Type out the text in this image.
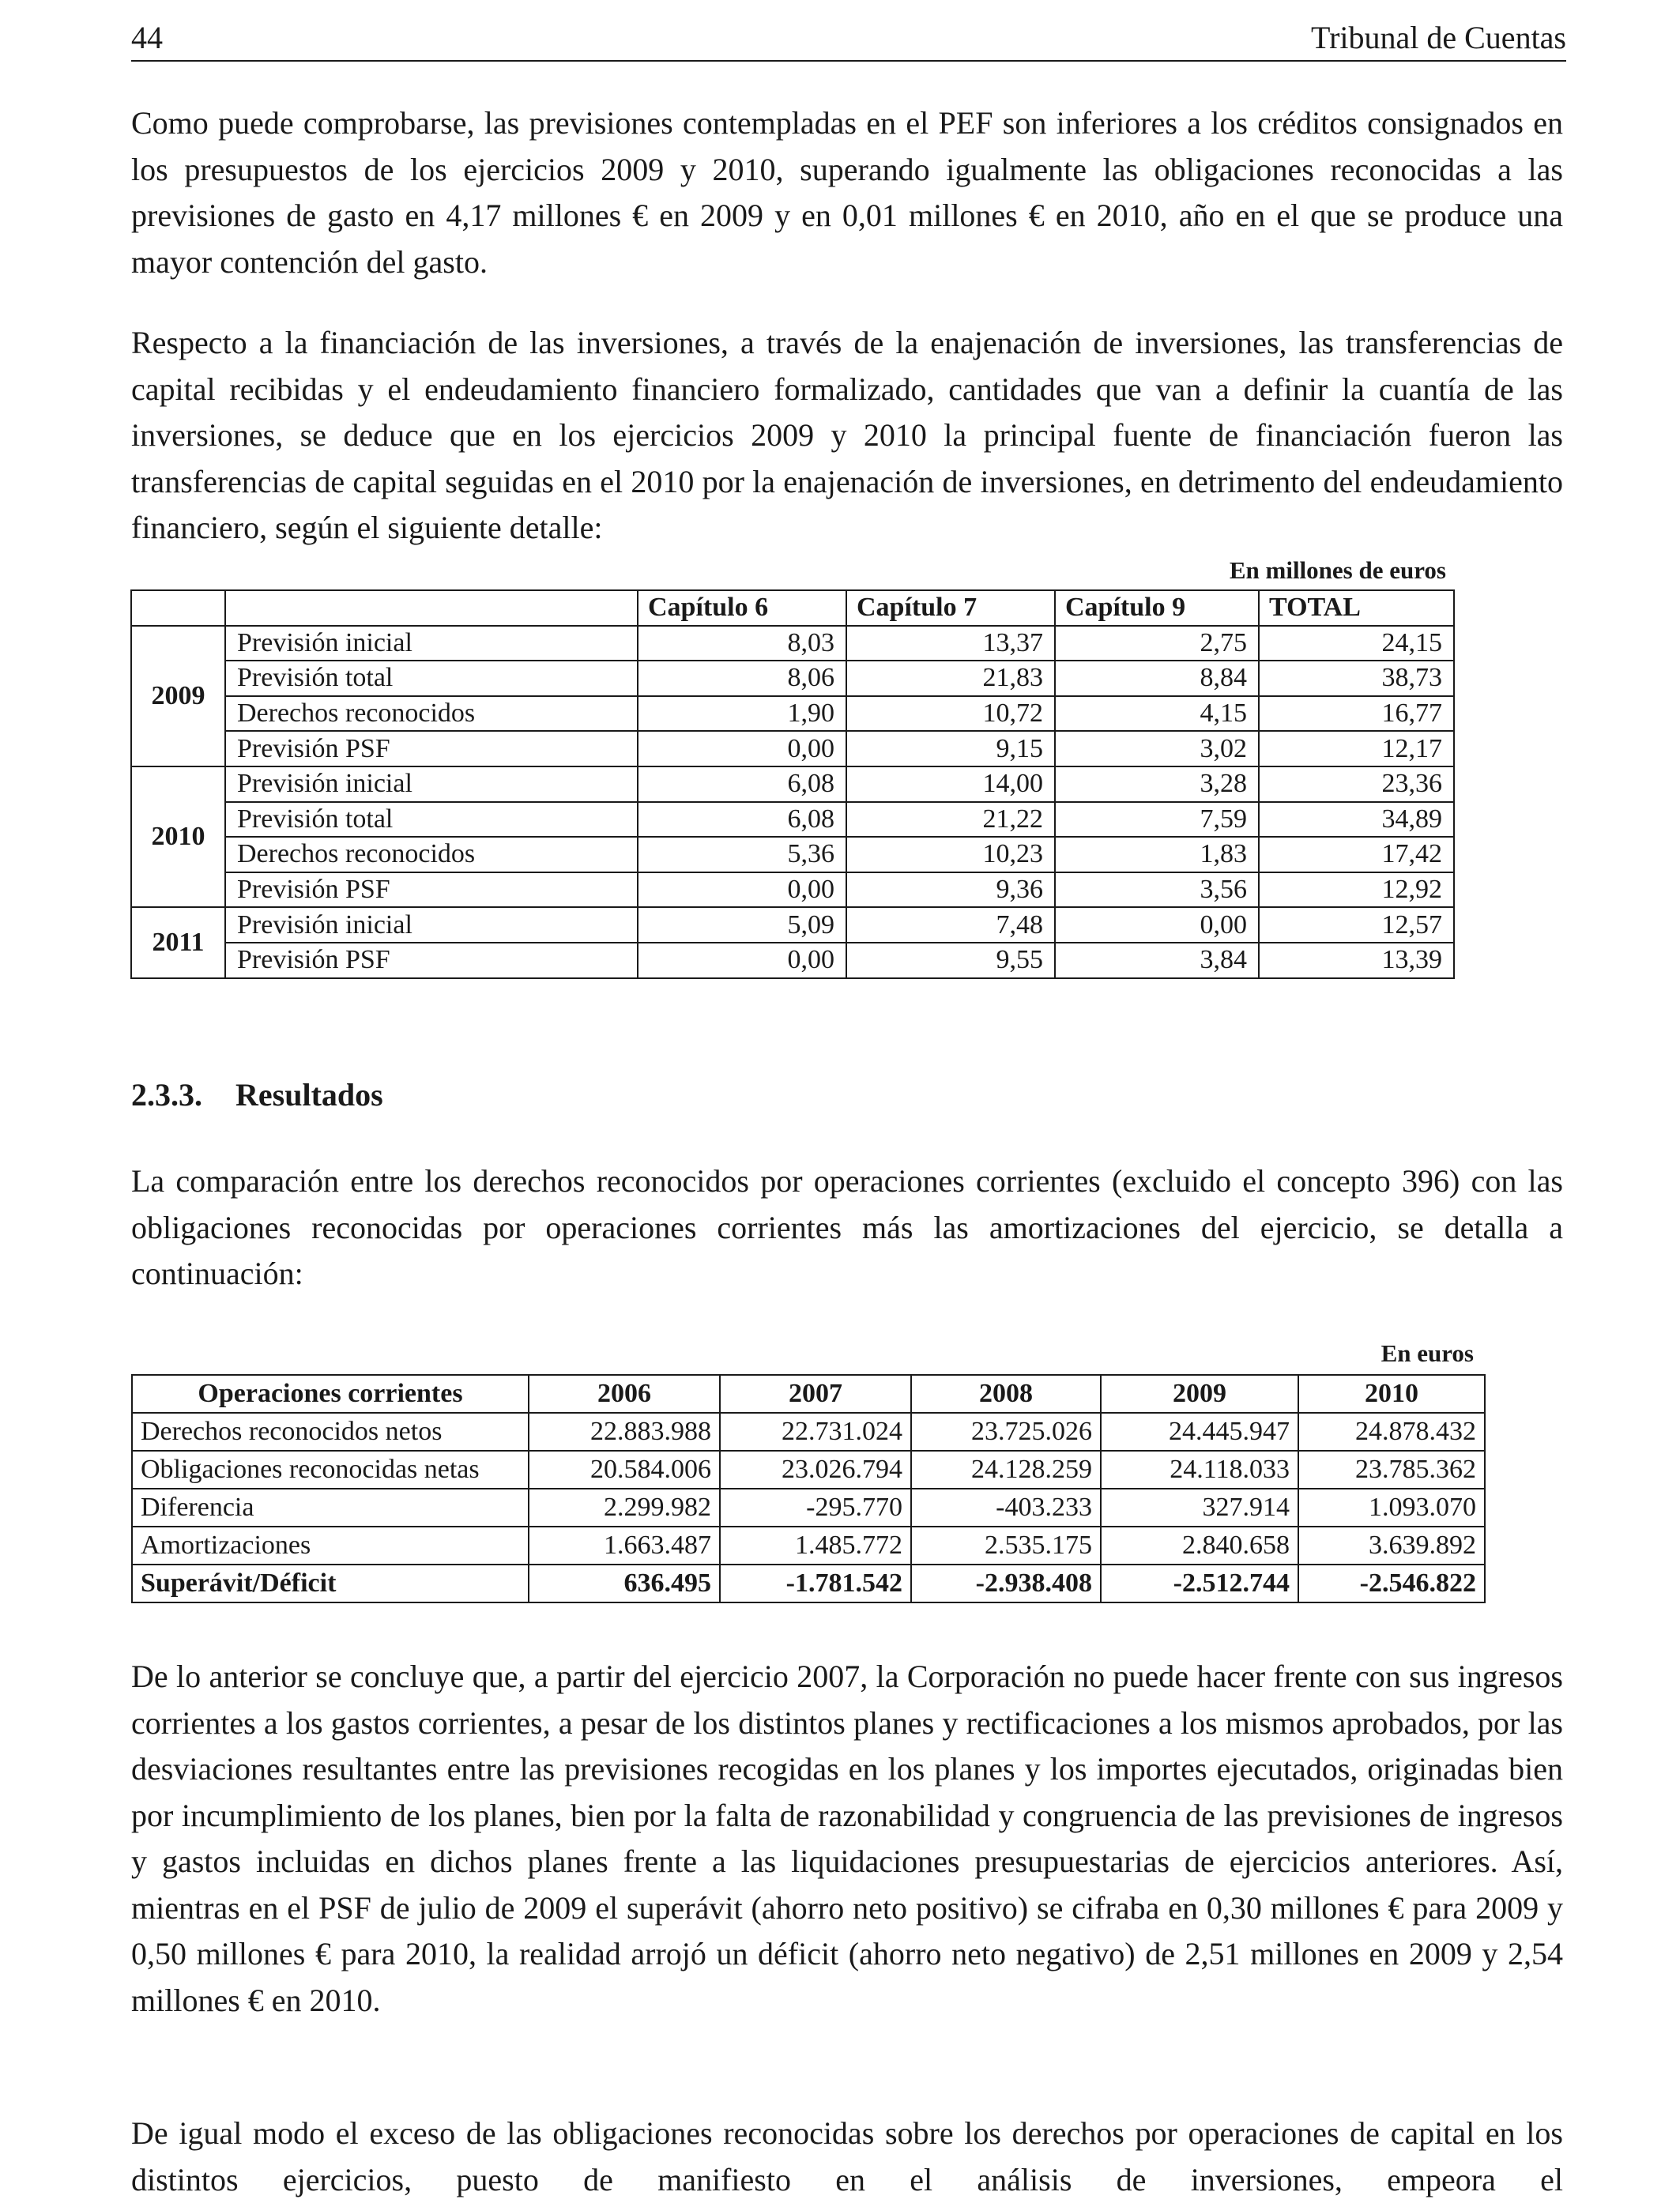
44	Tribunal de Cuentas

Como puede comprobarse, las previsiones contempladas en el PEF son inferiores a los créditos consignados en los presupuestos de los ejercicios 2009 y 2010, superando igualmente las obligaciones reconocidas a las previsiones de gasto en 4,17 millones € en 2009 y en 0,01 millones € en 2010, año en el que se produce una mayor contención del gasto.

Respecto a la financiación de las inversiones, a través de la enajenación de inversiones, las transferencias de capital recibidas y el endeudamiento financiero formalizado, cantidades que van a definir la cuantía de las inversiones, se deduce que en los ejercicios 2009 y 2010 la principal fuente de financiación fueron las transferencias de capital seguidas en el 2010 por la enajenación de inversiones, en detrimento del endeudamiento financiero, según el siguiente detalle:

En millones de euros
		Capítulo 6	Capítulo 7	Capítulo 9	TOTAL
2009	Previsión inicial	8,03	13,37	2,75	24,15
	Previsión total	8,06	21,83	8,84	38,73
	Derechos reconocidos	1,90	10,72	4,15	16,77
	Previsión PSF	0,00	9,15	3,02	12,17
2010	Previsión inicial	6,08	14,00	3,28	23,36
	Previsión total	6,08	21,22	7,59	34,89
	Derechos reconocidos	5,36	10,23	1,83	17,42
	Previsión PSF	0,00	9,36	3,56	12,92
2011	Previsión inicial	5,09	7,48	0,00	12,57
	Previsión PSF	0,00	9,55	3,84	13,39
2.3.3. Resultados

La comparación entre los derechos reconocidos por operaciones corrientes (excluido el concepto 396) con las obligaciones reconocidas por operaciones corrientes más las amortizaciones del ejercicio, se detalla a continuación:

En euros
Operaciones corrientes	2006	2007	2008	2009	2010
Derechos reconocidos netos	22.883.988	22.731.024	23.725.026	24.445.947	24.878.432
Obligaciones reconocidas netas	20.584.006	23.026.794	24.128.259	24.118.033	23.785.362
Diferencia	2.299.982	-295.770	-403.233	327.914	1.093.070
Amortizaciones	1.663.487	1.485.772	2.535.175	2.840.658	3.639.892
Superávit/Déficit	636.495	-1.781.542	-2.938.408	-2.512.744	-2.546.822

De lo anterior se concluye que, a partir del ejercicio 2007, la Corporación no puede hacer frente con sus ingresos corrientes a los gastos corrientes, a pesar de los distintos planes y rectificaciones a los mismos aprobados, por las desviaciones resultantes entre las previsiones recogidas en los planes y los importes ejecutados, originadas bien por incumplimiento de los planes, bien por la falta de razonabilidad y congruencia de las previsiones de ingresos y gastos incluidas en dichos planes frente a las liquidaciones presupuestarias de ejercicios anteriores. Así, mientras en el PSF de julio de 2009 el superávit (ahorro neto positivo) se cifraba en 0,30 millones € para 2009 y 0,50 millones € para 2010, la realidad arrojó un déficit (ahorro neto negativo) de 2,51 millones en 2009 y 2,54 millones € en 2010.

De igual modo el exceso de las obligaciones reconocidas sobre los derechos por operaciones de capital en los distintos ejercicios, puesto de manifiesto en el análisis de inversiones, empeora el
